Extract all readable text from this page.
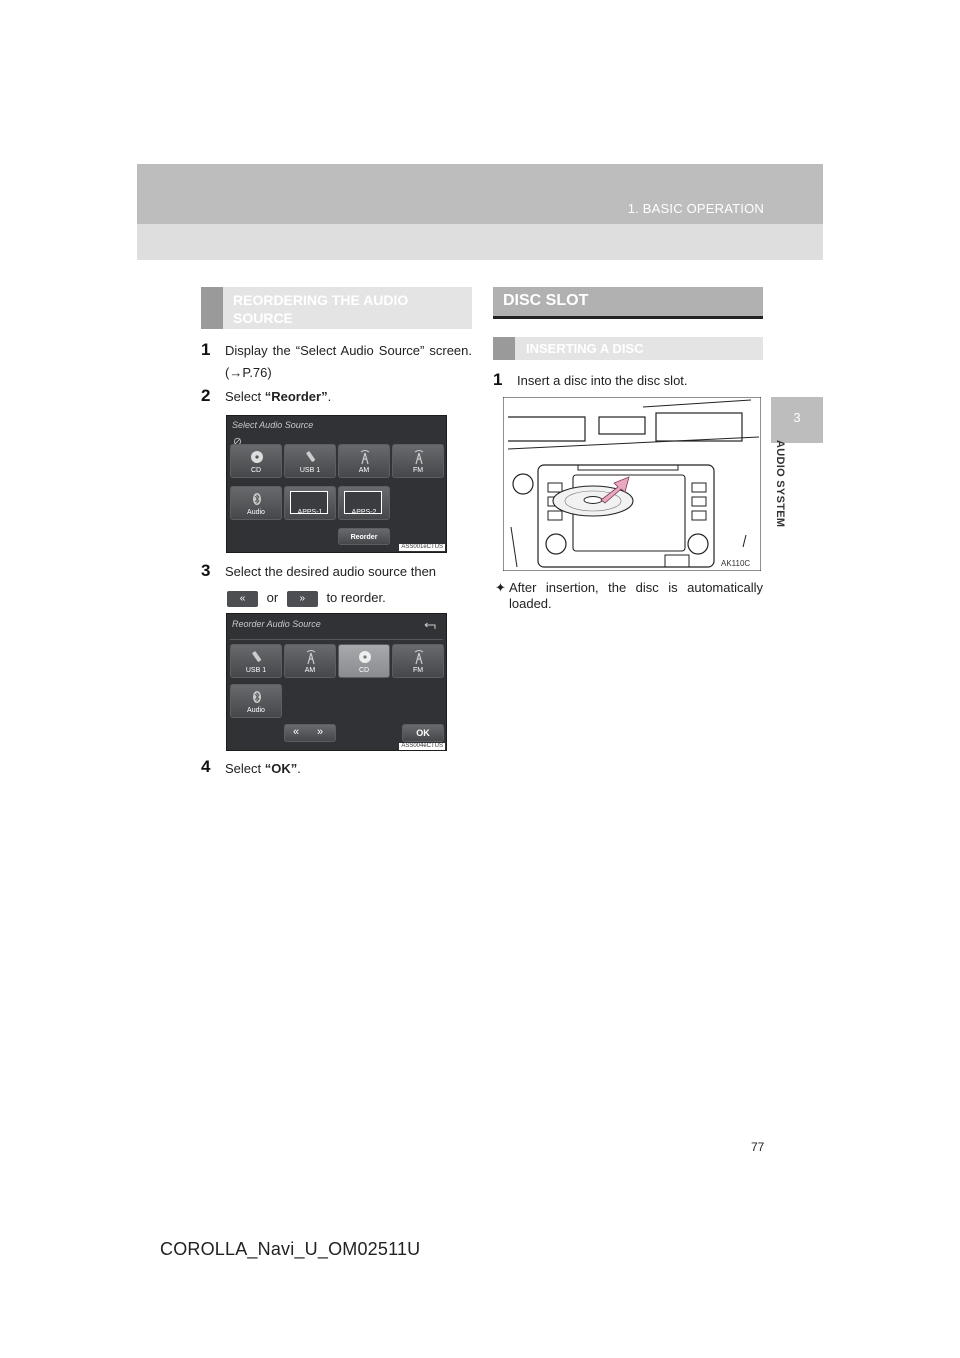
1. BASIC OPERATION
3
AUDIO SYSTEM
REORDERING THE AUDIO SOURCE
1 Display the “Select Audio Source” screen. (→P.76)
2 Select “Reorder”.
Select Audio Source
CD	USB 1	AM	FM
Audio	APPS-1	APPS-2
Reorder
ASS001eCTUS
3 Select the desired audio source then
« or » to reorder.
Reorder Audio Source
USB 1	AM	CD	FM
Audio
« »	OK
ASS004eCTUS
4 Select “OK”.
DISC SLOT
INSERTING A DISC
1 Insert a disc into the disc slot.
AK110C
✦ After insertion, the disc is automatically loaded.
77
COROLLA_Navi_U_OM02511U
